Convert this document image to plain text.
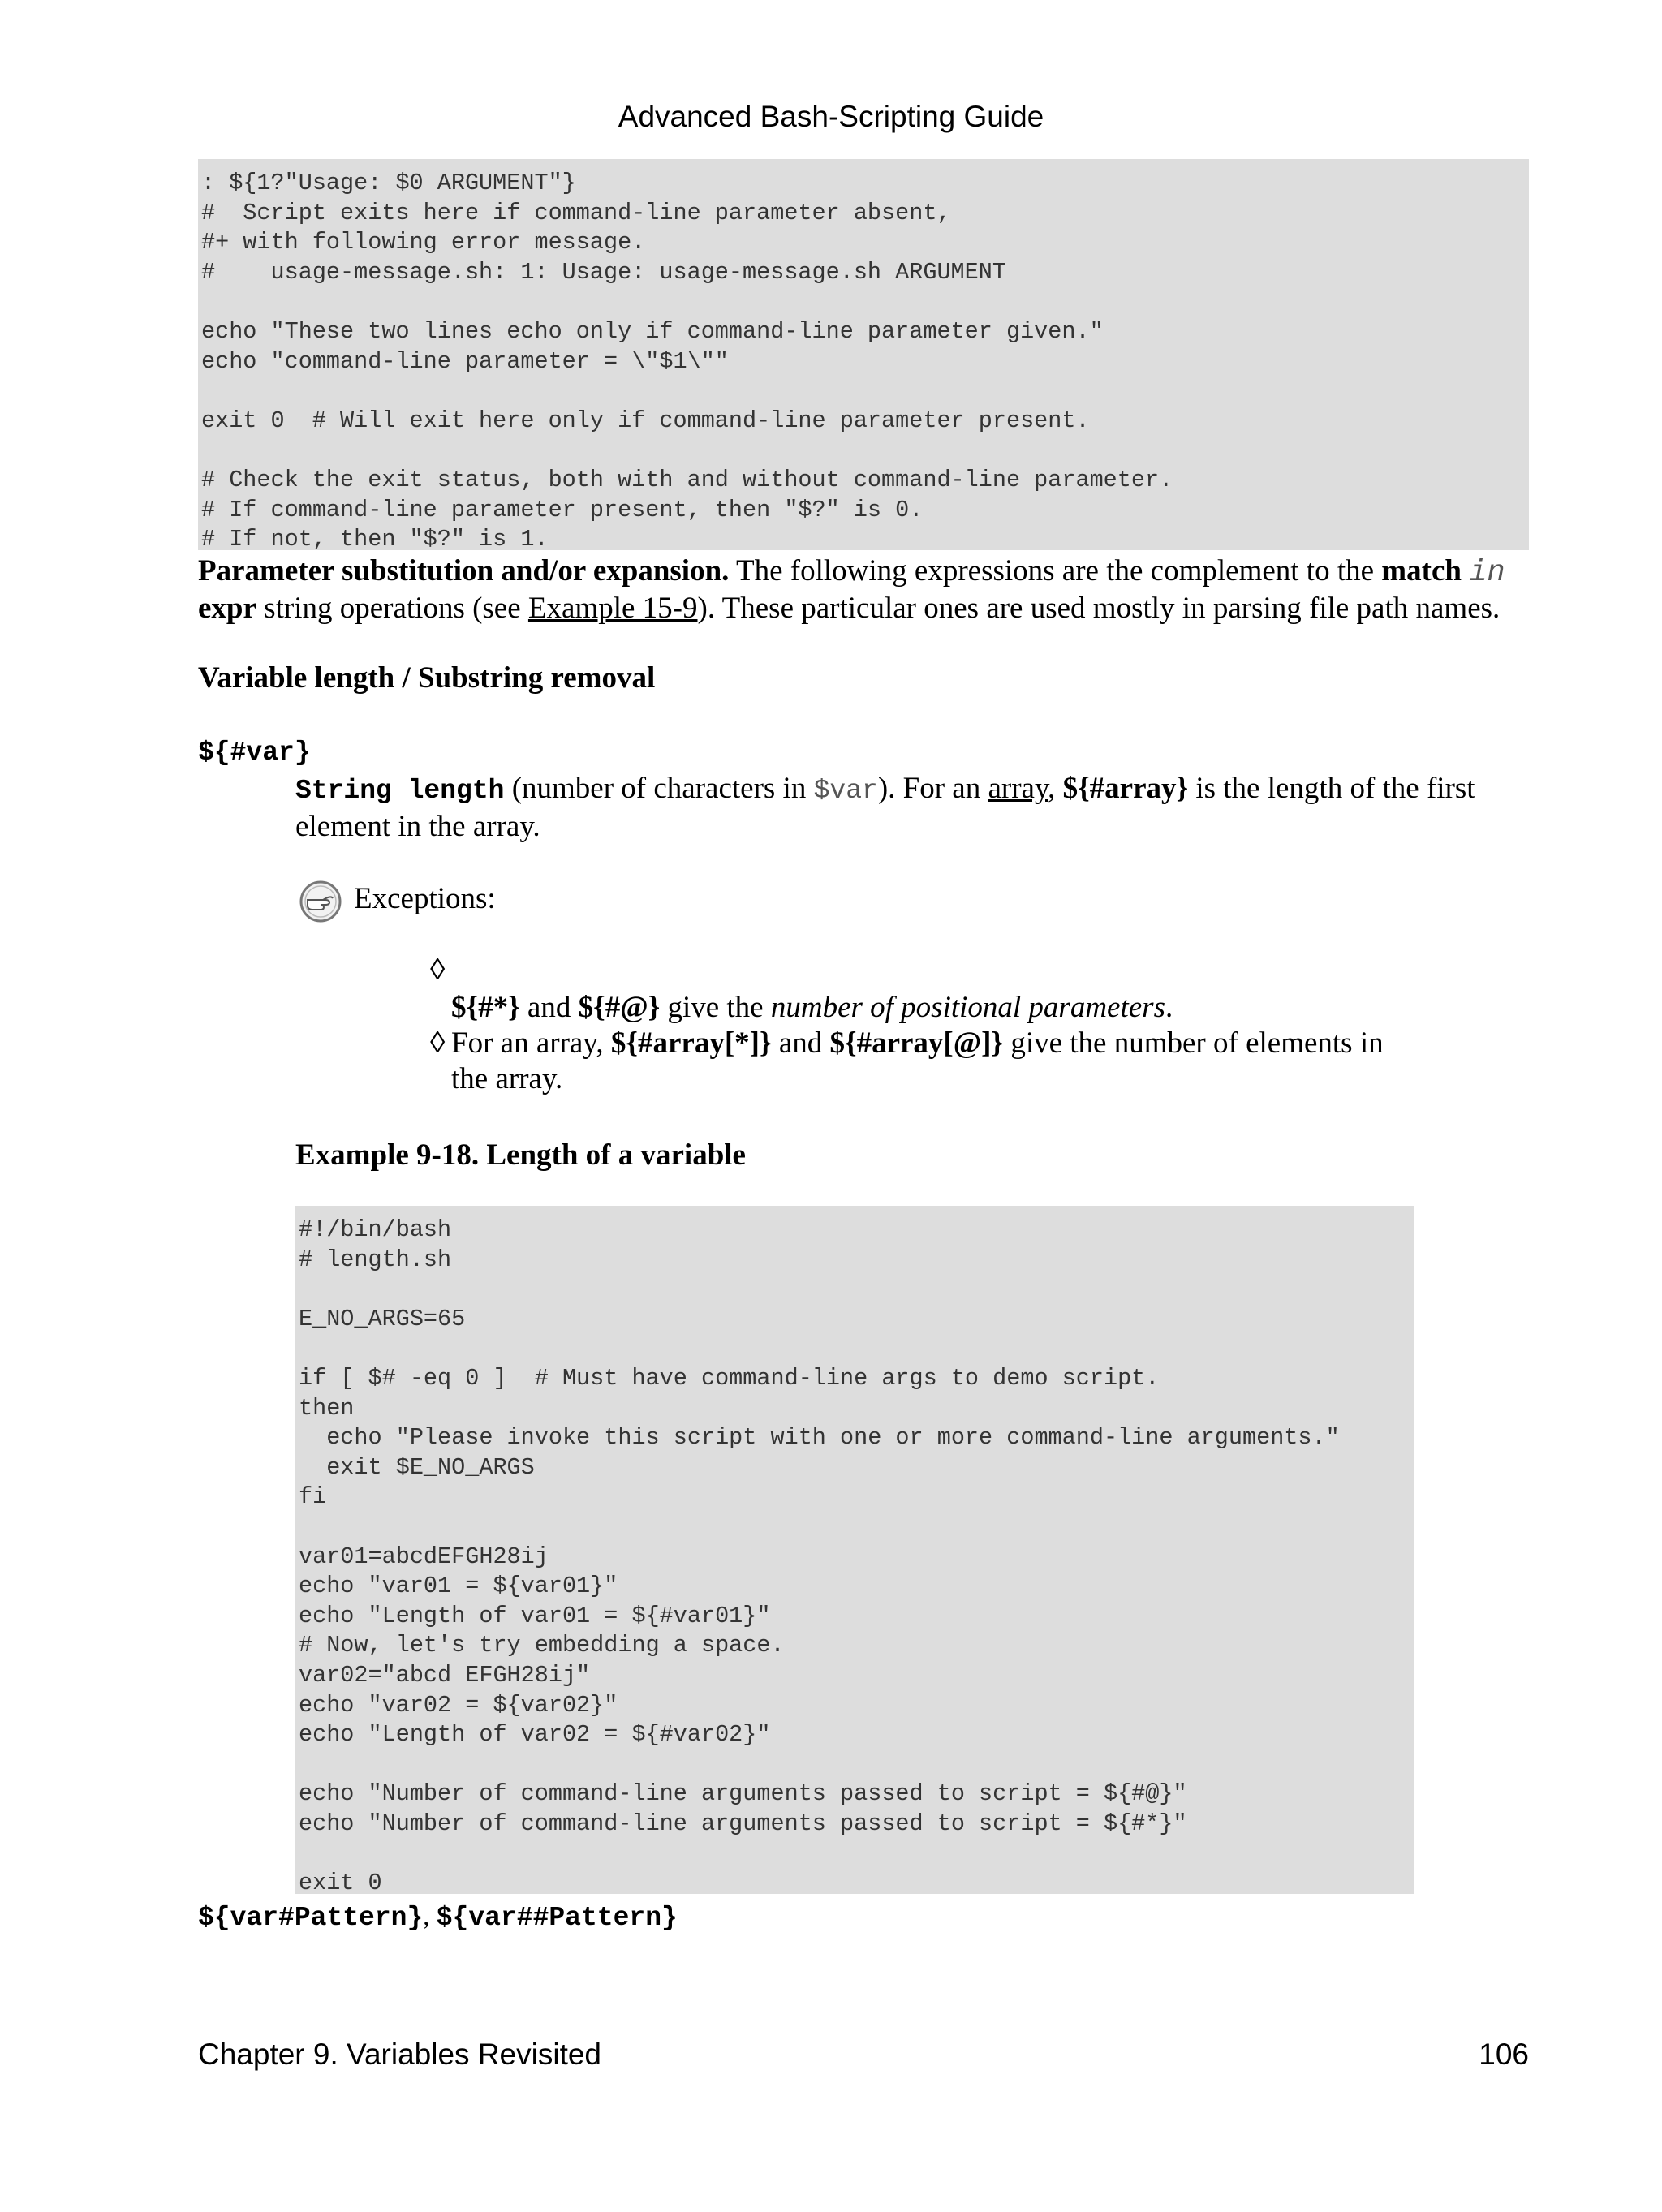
Advanced Bash-Scripting Guide
: ${1?"Usage: $0 ARGUMENT"}
#  Script exits here if command-line parameter absent,
#+ with following error message.
#    usage-message.sh: 1: Usage: usage-message.sh ARGUMENT

echo "These two lines echo only if command-line parameter given."
echo "command-line parameter = \"$1\""

exit 0  # Will exit here only if command-line parameter present.

# Check the exit status, both with and without command-line parameter.
# If command-line parameter present, then "$?" is 0.
# If not, then "$?" is 1.
Parameter substitution and/or expansion. The following expressions are the complement to the match in
expr string operations (see Example 15-9). These particular ones are used mostly in parsing file path names.
Variable length / Substring removal
${#var}
String length (number of characters in $var). For an array, ${#array} is the length of the first
element in the array.
Exceptions:
◊
${#*} and ${#@} give the number of positional parameters.
◊ For an array, ${#array[*]} and ${#array[@]} give the number of elements in
the array.
Example 9-18. Length of a variable
#!/bin/bash
# length.sh

E_NO_ARGS=65

if [ $# -eq 0 ]  # Must have command-line args to demo script.
then
echo "Please invoke this script with one or more command-line arguments."
exit $E_NO_ARGS
fi

var01=abcdEFGH28ij
echo "var01 = ${var01}"
echo "Length of var01 = ${#var01}"
# Now, let's try embedding a space.
var02="abcd EFGH28ij"
echo "var02 = ${var02}"
echo "Length of var02 = ${#var02}"

echo "Number of command-line arguments passed to script = ${#@}"
echo "Number of command-line arguments passed to script = ${#*}"

exit 0
${var#Pattern}, ${var##Pattern}
Chapter 9. Variables Revisited	106
